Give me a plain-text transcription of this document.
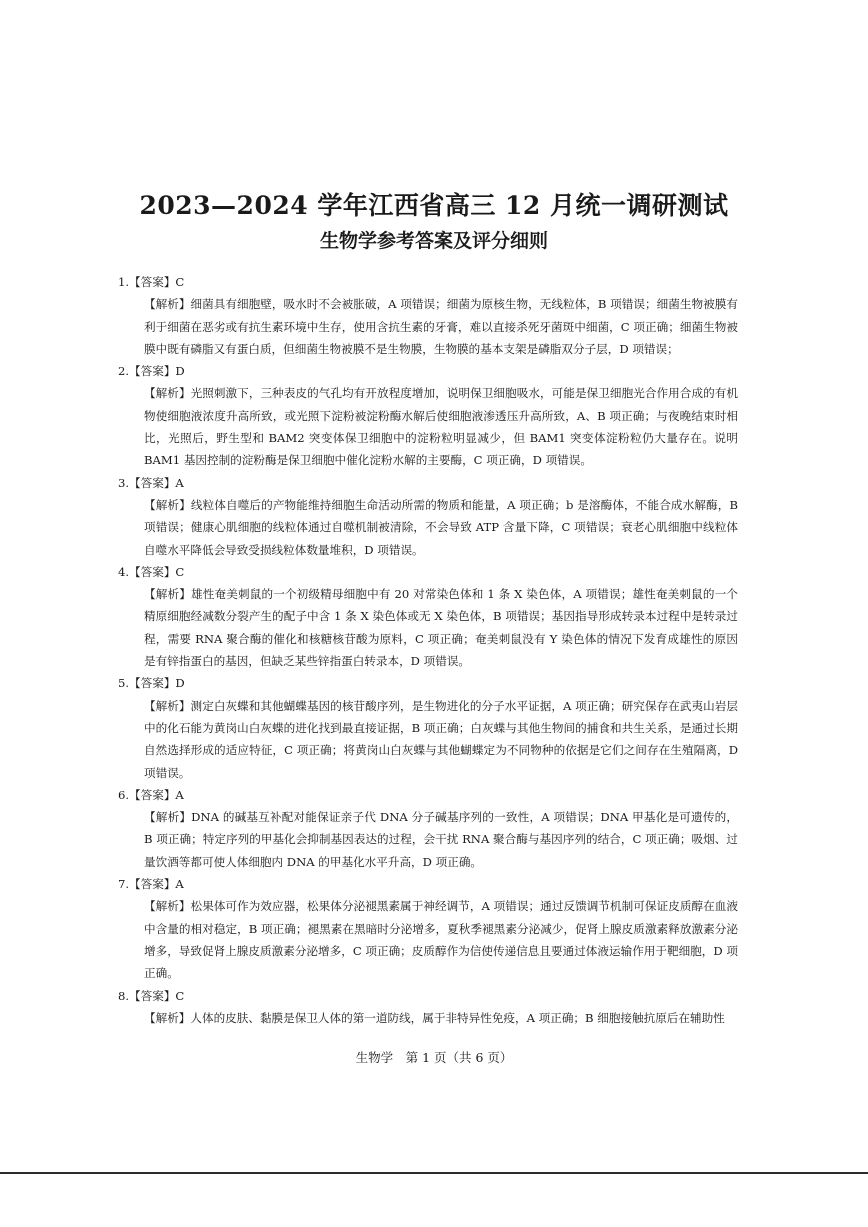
2023—2024 学年江西省高三 12 月统一调研测试
生物学参考答案及评分细则
1.【答案】C
【解析】细菌具有细胞壁，吸水时不会被胀破，A 项错误；细菌为原核生物，无线粒体，B 项错误；细菌生物被膜有利于细菌在恶劣或有抗生素环境中生存，使用含抗生素的牙膏，难以直接杀死牙菌斑中细菌，C 项正确；细菌生物被膜中既有磷脂又有蛋白质，但细菌生物被膜不是生物膜，生物膜的基本支架是磷脂双分子层，D 项错误；
2.【答案】D
【解析】光照刺激下，三种表皮的气孔均有开放程度增加，说明保卫细胞吸水，可能是保卫细胞光合作用合成的有机物使细胞液浓度升高所致，或光照下淀粉被淀粉酶水解后使细胞液渗透压升高所致，A、B 项正确；与夜晚结束时相比，光照后，野生型和 BAM2 突变体保卫细胞中的淀粉粒明显减少，但 BAM1 突变体淀粉粒仍大量存在。说明 BAM1 基因控制的淀粉酶是保卫细胞中催化淀粉水解的主要酶，C 项正确，D 项错误。
3.【答案】A
【解析】线粒体自噬后的产物能维持细胞生命活动所需的物质和能量，A 项正确；b 是溶酶体，不能合成水解酶，B 项错误；健康心肌细胞的线粒体通过自噬机制被清除，不会导致 ATP 含量下降，C 项错误；衰老心肌细胞中线粒体自噬水平降低会导致受损线粒体数量堆积，D 项错误。
4.【答案】C
【解析】雄性奄美刺鼠的一个初级精母细胞中有 20 对常染色体和 1 条 X 染色体，A 项错误；雄性奄美刺鼠的一个精原细胞经减数分裂产生的配子中含 1 条 X 染色体或无 X 染色体，B 项错误；基因指导形成转录本过程中是转录过程，需要 RNA 聚合酶的催化和核糖核苷酸为原料，C 项正确；奄美刺鼠没有 Y 染色体的情况下发育成雄性的原因是有锌指蛋白的基因，但缺乏某些锌指蛋白转录本，D 项错误。
5.【答案】D
【解析】测定白灰蝶和其他蝴蝶基因的核苷酸序列，是生物进化的分子水平证据，A 项正确；研究保存在武夷山岩层中的化石能为黄岗山白灰蝶的进化找到最直接证据，B 项正确；白灰蝶与其他生物间的捕食和共生关系，是通过长期自然选择形成的适应特征，C 项正确；将黄岗山白灰蝶与其他蝴蝶定为不同物种的依据是它们之间存在生殖隔离，D 项错误。
6.【答案】A
【解析】DNA 的碱基互补配对能保证亲子代 DNA 分子碱基序列的一致性，A 项错误；DNA 甲基化是可遗传的，B 项正确；特定序列的甲基化会抑制基因表达的过程，会干扰 RNA 聚合酶与基因序列的结合，C 项正确；吸烟、过量饮酒等都可使人体细胞内 DNA 的甲基化水平升高，D 项正确。
7.【答案】A
【解析】松果体可作为效应器，松果体分泌褪黑素属于神经调节，A 项错误；通过反馈调节机制可保证皮质醇在血液中含量的相对稳定，B 项正确；褪黑素在黑暗时分泌增多，夏秋季褪黑素分泌减少，促肾上腺皮质激素释放激素分泌增多，导致促肾上腺皮质激素分泌增多，C 项正确；皮质醇作为信使传递信息且要通过体液运输作用于靶细胞，D 项正确。
8.【答案】C
【解析】人体的皮肤、黏膜是保卫人体的第一道防线，属于非特异性免疫，A 项正确；B 细胞接触抗原后在辅助性
生物学　第 1 页（共 6 页）
